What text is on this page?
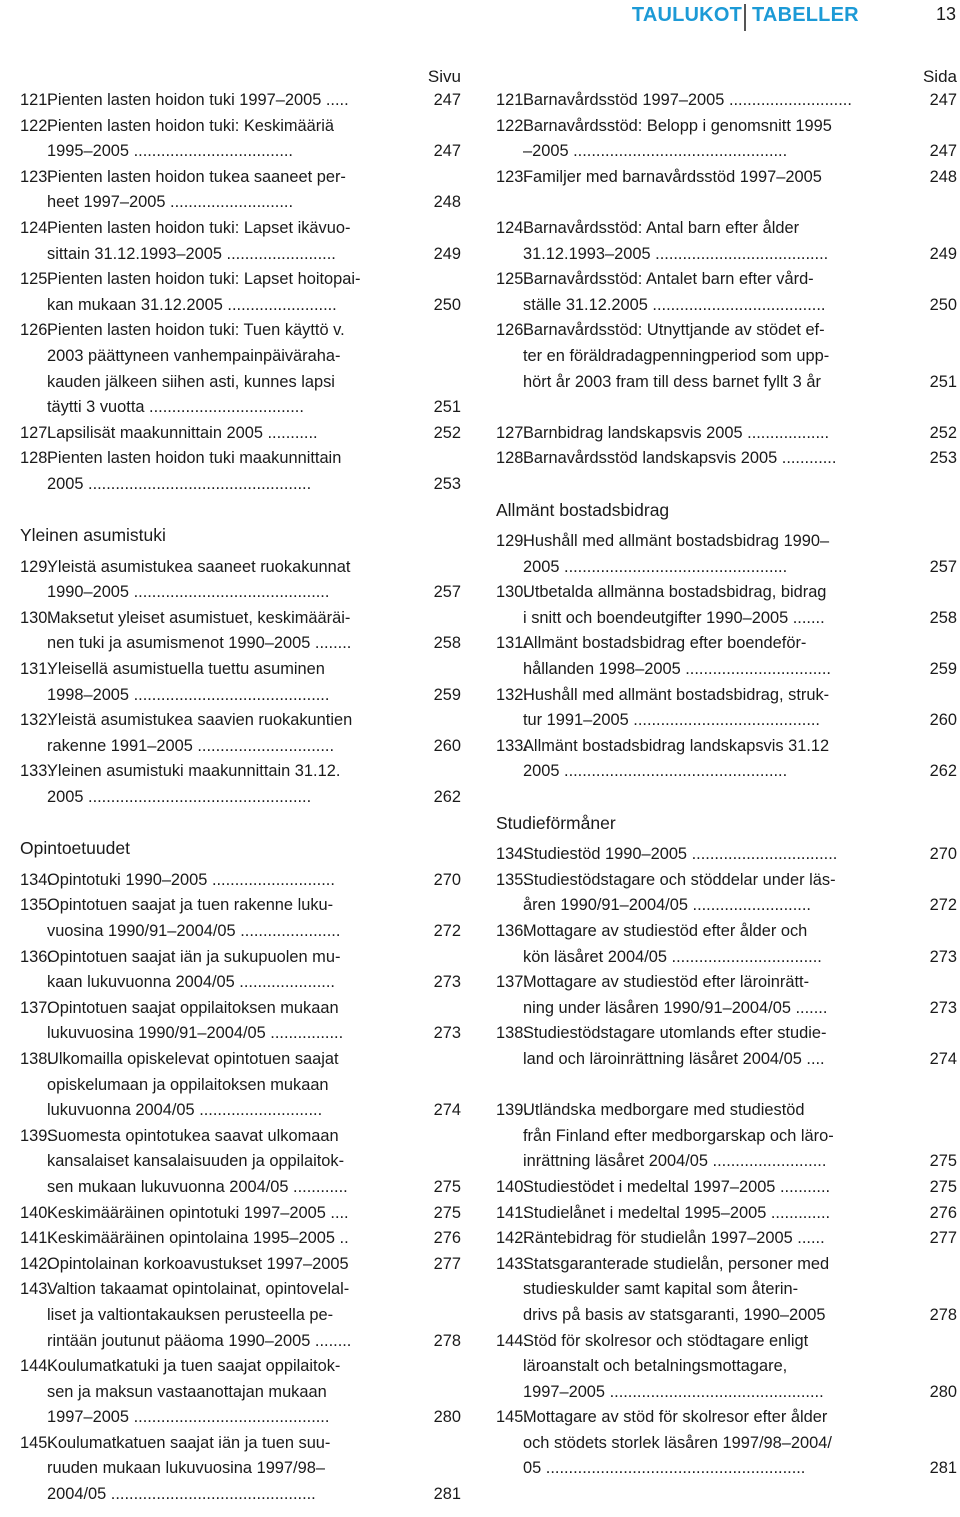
TAULUKOT TABELLER	13
Sivu
121.
Pienten lasten hoidon tuki 1997–2005 .....	247
122.
Pienten lasten hoidon tuki: Keskimääriä
1995–2005 ...................................	247
123.
Pienten lasten hoidon tukea saaneet per-
heet 1997–2005 ...........................	248
124.
Pienten lasten hoidon tuki: Lapset ikävuo-
sittain 31.12.1993–2005 ........................	249
125.
Pienten lasten hoidon tuki: Lapset hoitopai-
kan mukaan 31.12.2005 ........................	250
126.
Pienten lasten hoidon tuki: Tuen käyttö v.
2003 päättyneen vanhempainpäivärahа-
kauden jälkeen siihen asti, kunnes lapsi
täytti 3 vuotta ..................................	251
127.
Lapsilisät maakunnittain 2005 ...........	252
128.
Pienten lasten hoidon tuki maakunnittain
2005 .................................................	253
Yleinen asumistuki
129.
Yleistä asumistukea saaneet ruokakunnat
1990–2005 ...........................................	257
130.
Maksetut yleiset asumistuet, keskimääräi-
nen tuki ja asumismenot 1990–2005 ........	258
131.
Yleisellä asumistuella tuettu asuminen
1998–2005 ...........................................	259
132.
Yleistä asumistukea saavien ruokakuntien
rakenne 1991–2005 ..............................	260
133.
Yleinen asumistuki maakunnittain 31.12.
2005 .................................................	262
Opintoetuudet
134.
Opintotuki 1990–2005 ...........................	270
135.
Opintotuen saajat ja tuen rakenne luku-
vuosina 1990/91–2004/05 ......................	272
136.
Opintotuen saajat iän ja sukupuolen mu-
kaan lukuvuonna 2004/05 .....................	273
137.
Opintotuen saajat oppilaitoksen mukaan
lukuvuosina 1990/91–2004/05 ................	273
138.
Ulkomailla opiskelevat opintotuen saajat
opiskelumaan ja oppilaitoksen mukaan
lukuvuonna 2004/05 ...........................	274
139.
Suomesta opintotukea saavat ulkomaan
kansalaiset kansalaisuuden ja oppilaitok-
sen mukaan lukuvuonna 2004/05 ............	275
140.
Keskimääräinen opintotuki 1997–2005 ....	275
141.
Keskimääräinen opintolaina 1995–2005 ..	276
142.
Opintolainan korkoavustukset 1997–2005	277
143.
Valtion takaamat opintolainat, opintovelal-
liset ja valtiontakauksen perusteella pe-
rintään joutunut pääoma 1990–2005 ........	278
144.
Koulumatkatuki ja tuen saajat oppilaitok-
sen ja maksun vastaanottajan mukaan
1997–2005 ...........................................	280
145.
Koulumatkatuen saajat iän ja tuen suu-
ruuden mukaan lukuvuosina 1997/98–
2004/05 .............................................	281
Sida
121.
Barnavårdsstöd 1997–2005 ...........................	247
122.
Barnavårdsstöd: Belopp i genomsnitt 1995
–2005 ...............................................	247
123.
Familjer med barnavårdsstöd 1997–2005	248
124.
Barnavårdsstöd: Antal barn efter ålder
31.12.1993–2005 ......................................	249
125.
Barnavårdsstöd: Antalet barn efter vård-
ställe 31.12.2005 ......................................	250
126.
Barnavårdsstöd: Utnyttjande av stödet ef-
ter en föräldradagpenningperiod som upp-
hört år 2003 fram till dess barnet fyllt 3 år	251
127.
Barnbidrag landskapsvis 2005 ..................	252
128.
Barnavårdsstöd landskapsvis 2005 ............	253
Allmänt bostadsbidrag
129.
Hushåll med allmänt bostadsbidrag 1990–
2005 .................................................	257
130.
Utbetalda allmänna bostadsbidrag, bidrag
i snitt och boendeutgifter 1990–2005 .......	258
131.
Allmänt bostadsbidrag efter boendeför-
hållanden 1998–2005 ................................	259
132.
Hushåll med allmänt bostadsbidrag, struk-
tur 1991–2005 .........................................	260
133.
Allmänt bostadsbidrag landskapsvis 31.12
2005 .................................................	262
Studieförmåner
134.
Studiestöd 1990–2005 ................................	270
135.
Studiestödstagare och stöddelar under läs-
åren 1990/91–2004/05 ..........................	272
136.
Mottagare av studiestöd efter ålder och
kön läsåret 2004/05 .................................	273
137.
Mottagare av studiestöd efter läroinrätt-
ning under läsåren 1990/91–2004/05 .......	273
138.
Studiestödstagare utomlands efter studie-
land och läroinrättning läsåret 2004/05 ....	274
139.
Utländska medborgare med studiestöd
från Finland efter medborgarskap och läro-
inrättning läsåret 2004/05 .........................	275
140.
Studiestödet i medeltal 1997–2005 ...........	275
141.
Studielånet i medeltal 1995–2005 .............	276
142.
Räntebidrag för studielån 1997–2005 ......	277
143.
Statsgaranterade studielån, personer med
studieskulder samt kapital som återin-
drivs på basis av statsgaranti, 1990–2005	278
144.
Stöd för skolresor och stödtagare enligt
läroanstalt och betalningsmottagare,
1997–2005 ...............................................	280
145.
Mottagare av stöd för skolresor efter ålder
och stödets storlek läsåren 1997/98–2004/
05 .........................................................	281
